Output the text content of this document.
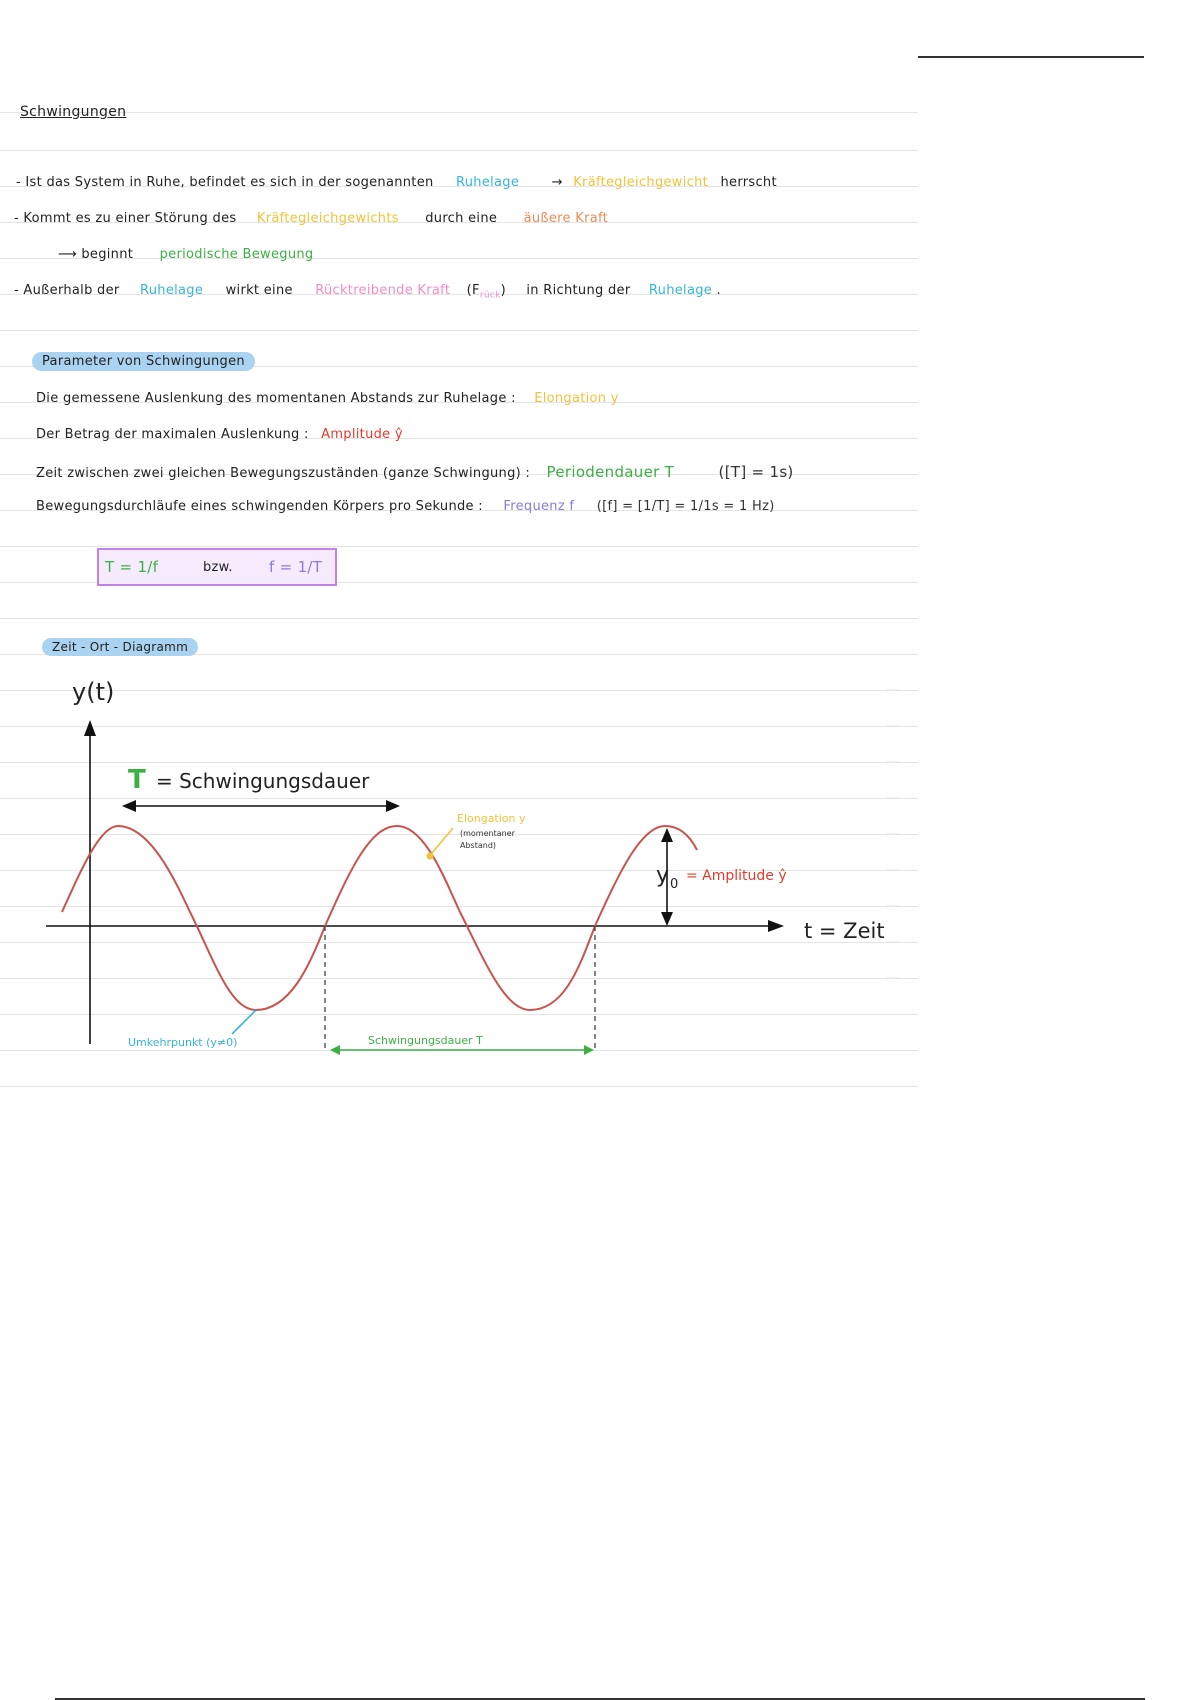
Schwingungen
- Ist das System in Ruhe, befindet es sich in der sogenannten Ruhelage → Kräftegleichgewicht herrscht
- Kommt es zu einer Störung des Kräftegleichgewichts durch eine äußere Kraft
⟶ beginnt periodische Bewegung
- Außerhalb der Ruhelage wirkt eine Rücktreibende Kraft $(F_{rück})$ in Richtung der Ruhelage .
Parameter von Schwingungen
Die gemessene Auslenkung des momentanen Abstands zur Ruhelage : Elongation y
Der Betrag der maximalen Auslenkung : Amplitude ŷ
Zeit zwischen zwei gleichen Bewegungszuständen (ganze Schwingung) : Periodendauer T	([T] = 1s)
Bewegungsdurchläufe eines schwingenden Körpers pro Sekunde : Frequenz f ([f] = [1/T] = 1/1s = 1 Hz)
T = 1/f	bzw. f = 1/T
Zeit - Ort - Diagramm
y(t)
t = Zeit
T = Schwingungsdauer
Schwingungsdauer T
y 0
= Amplitude ŷ
Elongation y
(momentaner
Abstand)
Umkehrpunkt (y≠0)
